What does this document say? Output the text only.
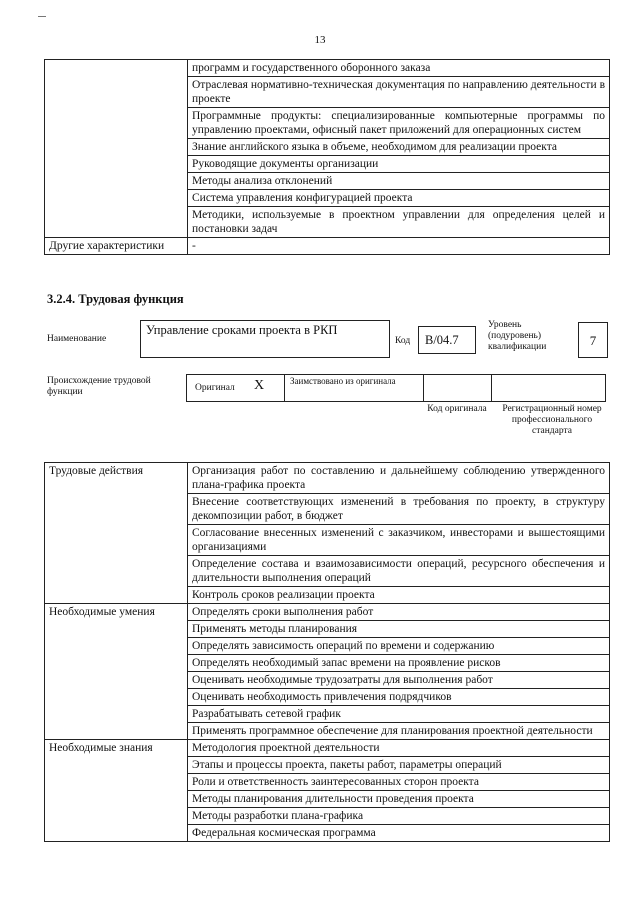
13
	программ и государственного оборонного заказа
	Отраслевая нормативно-техническая документация по направлению деятельности в проекте
	Программные продукты: специализированные компьютерные программы по управлению проектами, офисный пакет приложений для операционных систем
	Знание английского языка в объеме, необходимом для реализации проекта
	Руководящие документы организации
	Методы анализа отклонений
	Система управления конфигурацией проекта
	Методики, используемые в проектном управлении для определения целей и постановки задач
Другие характеристики	-
3.2.4. Трудовая функция
Наименование
Управление сроками проекта в РКП
Код	B/04.7
Уровень (подуровень) квалификации	7
Происхождение трудовой функции	Оригинал X	Заимствовано из оригинала
Код оригинала	Регистрационный номер профессионального стандарта
Трудовые действия	Организация работ по составлению и дальнейшему соблюдению утвержденного плана-графика проекта
	Внесение соответствующих изменений в требования по проекту, в структуру декомпозиции работ, в бюджет
	Согласование внесенных изменений с заказчиком, инвесторами и вышестоящими организациями
	Определение состава и взаимозависимости операций, ресурсного обеспечения и длительности выполнения операций
	Контроль сроков реализации проекта
Необходимые умения	Определять сроки выполнения работ
	Применять методы планирования
	Определять зависимость операций по времени и содержанию
	Определять необходимый запас времени на проявление рисков
	Оценивать необходимые трудозатраты для выполнения работ
	Оценивать необходимость привлечения подрядчиков
	Разрабатывать сетевой график
	Применять программное обеспечение для планирования проектной деятельности
Необходимые знания	Методология проектной деятельности
	Этапы и процессы проекта, пакеты работ, параметры операций
	Роли и ответственность заинтересованных сторон проекта
	Методы планирования длительности проведения проекта
	Методы разработки плана-графика
	Федеральная космическая программа
